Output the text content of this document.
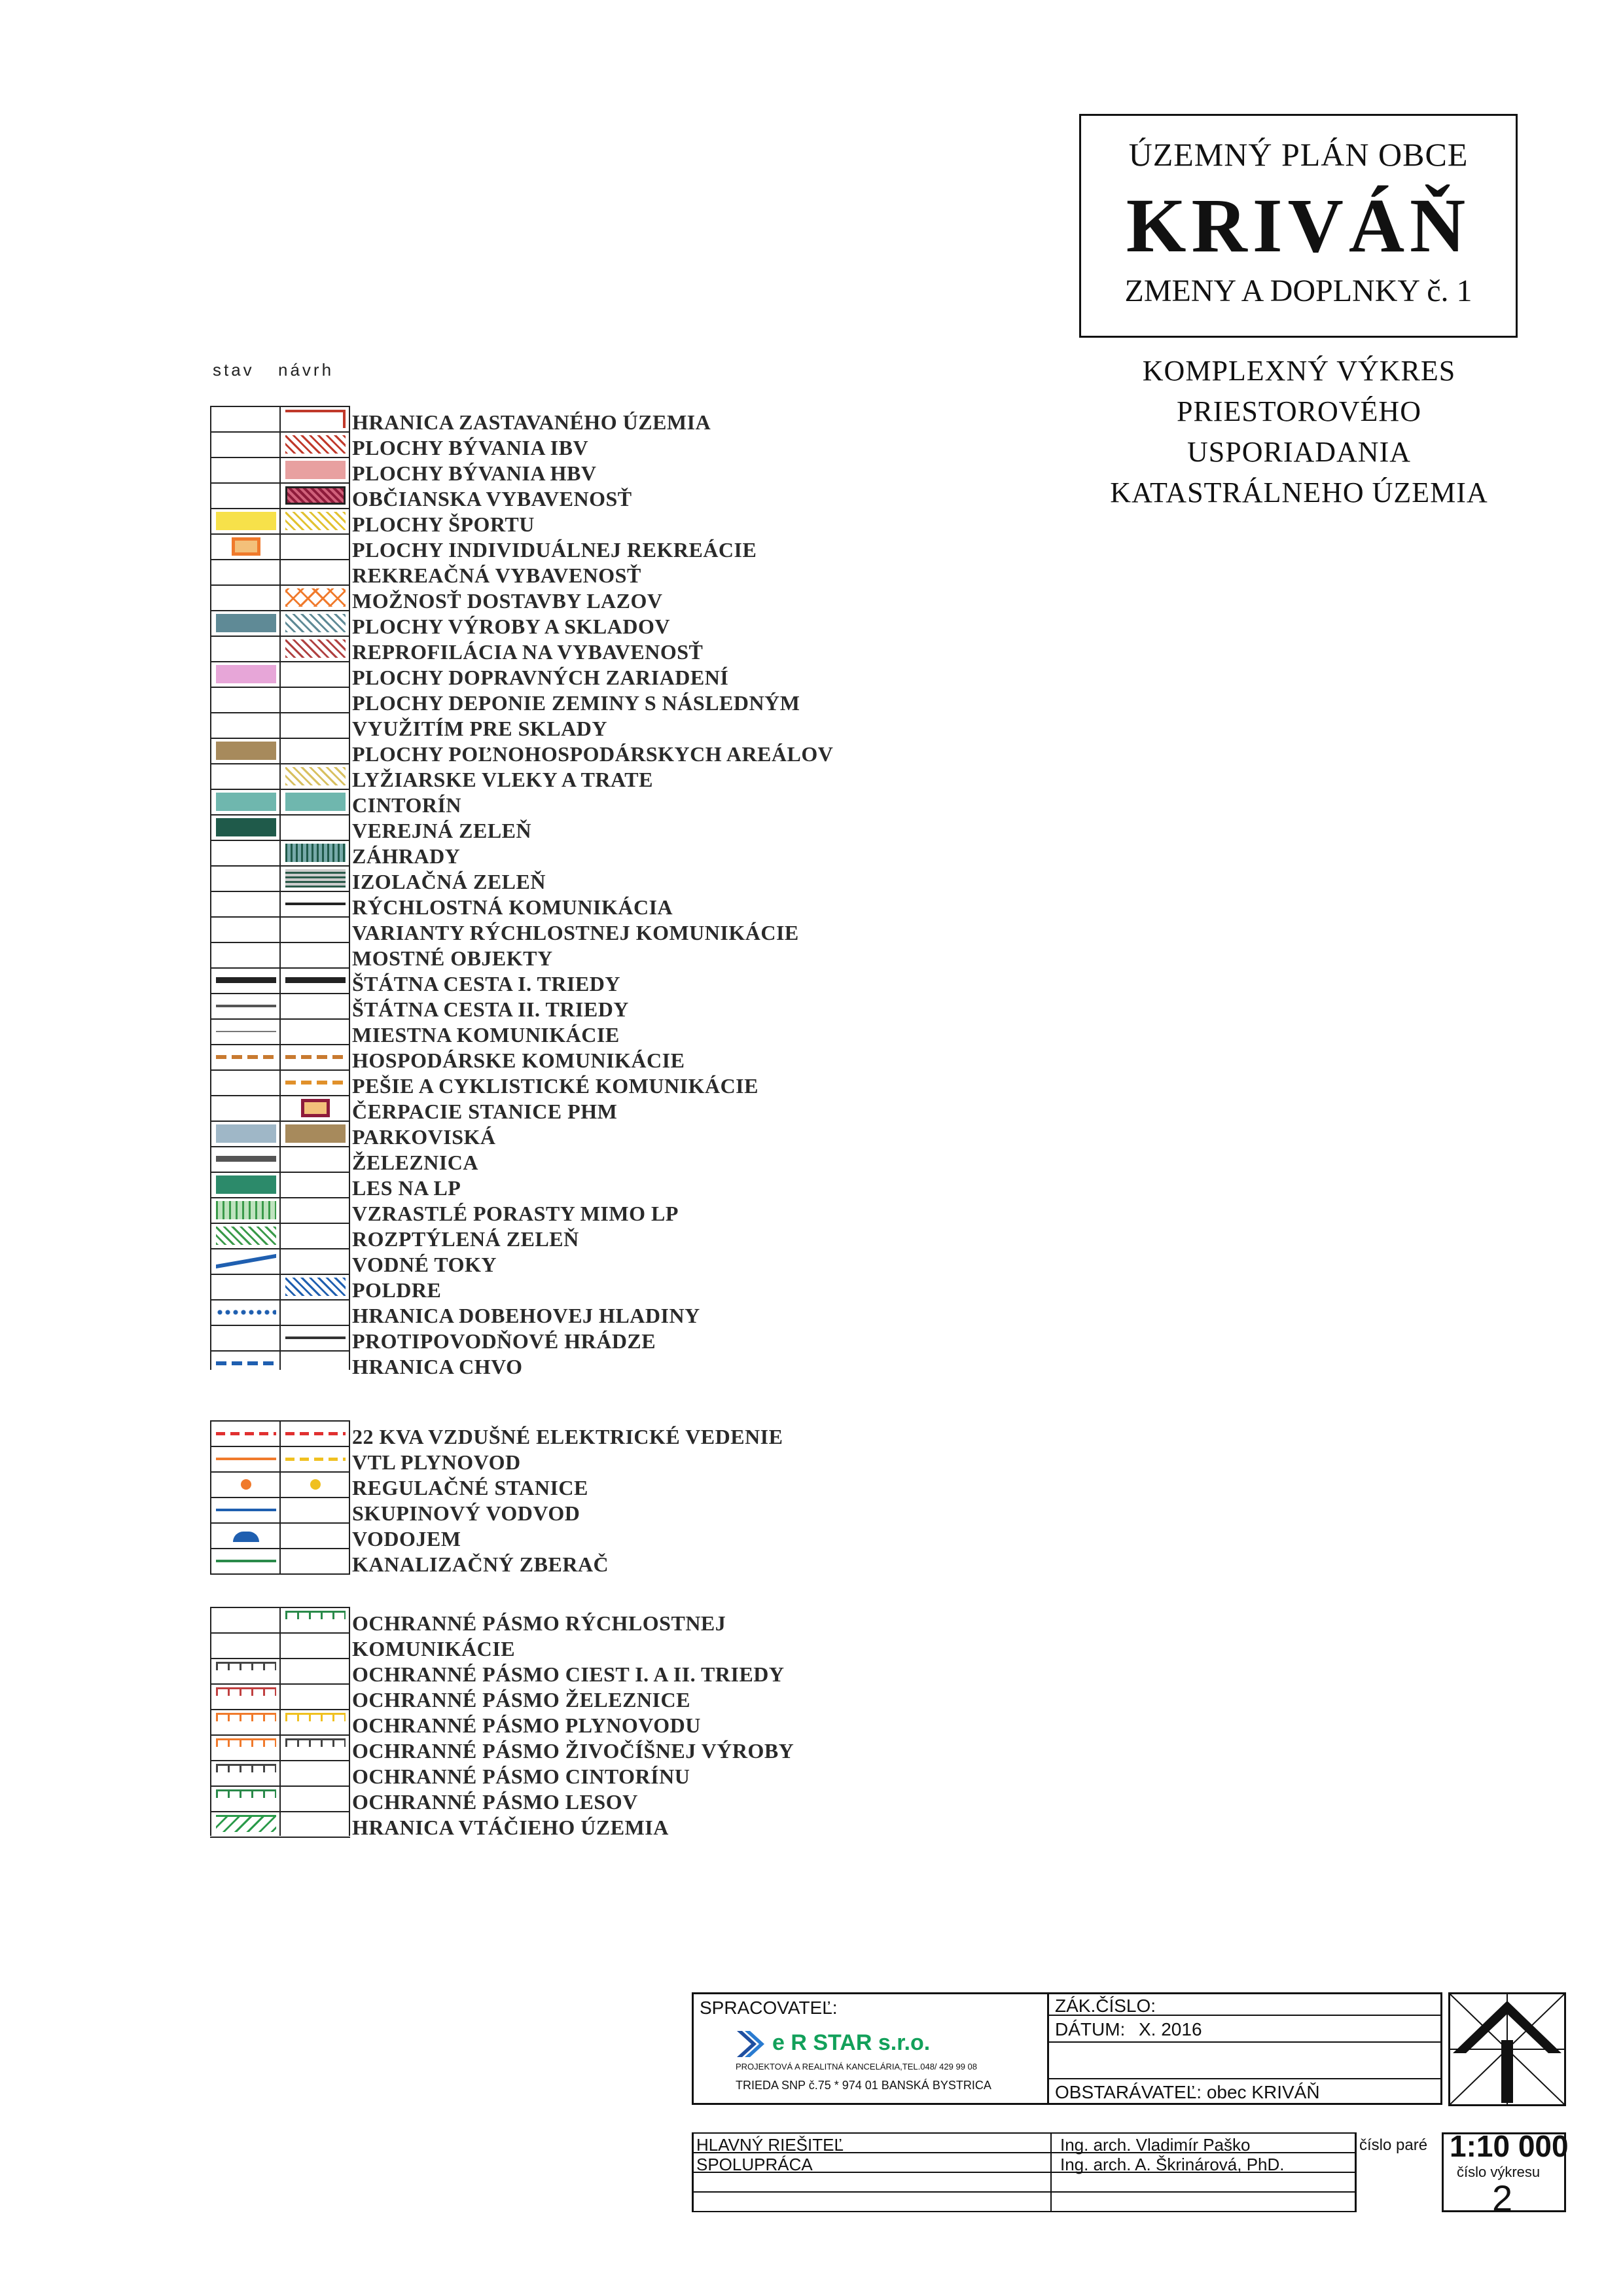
ÚZEMNÝ PLÁN OBCE
KRIVÁŇ
ZMENY A DOPLNKY č. 1
KOMPLEXNÝ VÝKRES
PRIESTOROVÉHO
USPORIADANIA
KATASTRÁLNEHO ÚZEMIA
stav návrh
HRANICA ZASTAVANÉHO ÚZEMIA
PLOCHY BÝVANIA IBV
PLOCHY BÝVANIA HBV
OBČIANSKA VYBAVENOSŤ
PLOCHY ŠPORTU
PLOCHY INDIVIDUÁLNEJ REKREÁCIE
REKREAČNÁ VYBAVENOSŤ
MOŽNOSŤ DOSTAVBY LAZOV
PLOCHY VÝROBY A SKLADOV
REPROFILÁCIA NA VYBAVENOSŤ
PLOCHY DOPRAVNÝCH ZARIADENÍ
PLOCHY DEPONIE ZEMINY S NÁSLEDNÝM
VYUŽITÍM PRE SKLADY
PLOCHY POĽNOHOSPODÁRSKYCH AREÁLOV
LYŽIARSKE VLEKY A TRATE
CINTORÍN
VEREJNÁ ZELEŇ
ZÁHRADY
IZOLAČNÁ ZELEŇ
RÝCHLOSTNÁ KOMUNIKÁCIA
VARIANTY RÝCHLOSTNEJ KOMUNIKÁCIE
MOSTNÉ OBJEKTY
ŠTÁTNA CESTA I. TRIEDY
ŠTÁTNA CESTA II. TRIEDY
MIESTNA KOMUNIKÁCIE
HOSPODÁRSKE KOMUNIKÁCIE
PEŠIE A CYKLISTICKÉ KOMUNIKÁCIE
ČERPACIE STANICE PHM
PARKOVISKÁ
ŽELEZNICA
LES NA LP
VZRASTLÉ PORASTY MIMO LP
ROZPTÝLENÁ ZELEŇ
VODNÉ TOKY
POLDRE
HRANICA DOBEHOVEJ HLADINY
PROTIPOVODŇOVÉ HRÁDZE
HRANICA CHVO
22 KVA VZDUŠNÉ ELEKTRICKÉ VEDENIE
VTL PLYNOVOD
REGULAČNÉ STANICE
SKUPINOVÝ VODVOD
VODOJEM
KANALIZAČNÝ ZBERAČ
OCHRANNÉ PÁSMO RÝCHLOSTNEJ
KOMUNIKÁCIE
OCHRANNÉ PÁSMO CIEST I. A II. TRIEDY
OCHRANNÉ PÁSMO ŽELEZNICE
OCHRANNÉ PÁSMO PLYNOVODU
OCHRANNÉ PÁSMO ŽIVOČÍŠNEJ VÝROBY
OCHRANNÉ PÁSMO CINTORÍNU
OCHRANNÉ PÁSMO LESOV
HRANICA VTÁČIEHO ÚZEMIA
SPRACOVATEĽ:
e R STAR s.r.o.
PROJEKTOVÁ A REALITNÁ KANCELÁRIA,TEL.048/ 429 99 08
TRIEDA SNP č.75 * 974 01 BANSKÁ BYSTRICA
ZÁK.ČÍSLO:
DÁTUM: X. 2016
OBSTARÁVATEĽ: obec KRIVÁŇ
HLAVNÝ RIEŠITEĽ	Ing. arch. Vladimír Paško
SPOLUPRÁCA	Ing. arch. A. Škrinárová, PhD.
číslo paré 1:10 000
číslo výkresu
2
